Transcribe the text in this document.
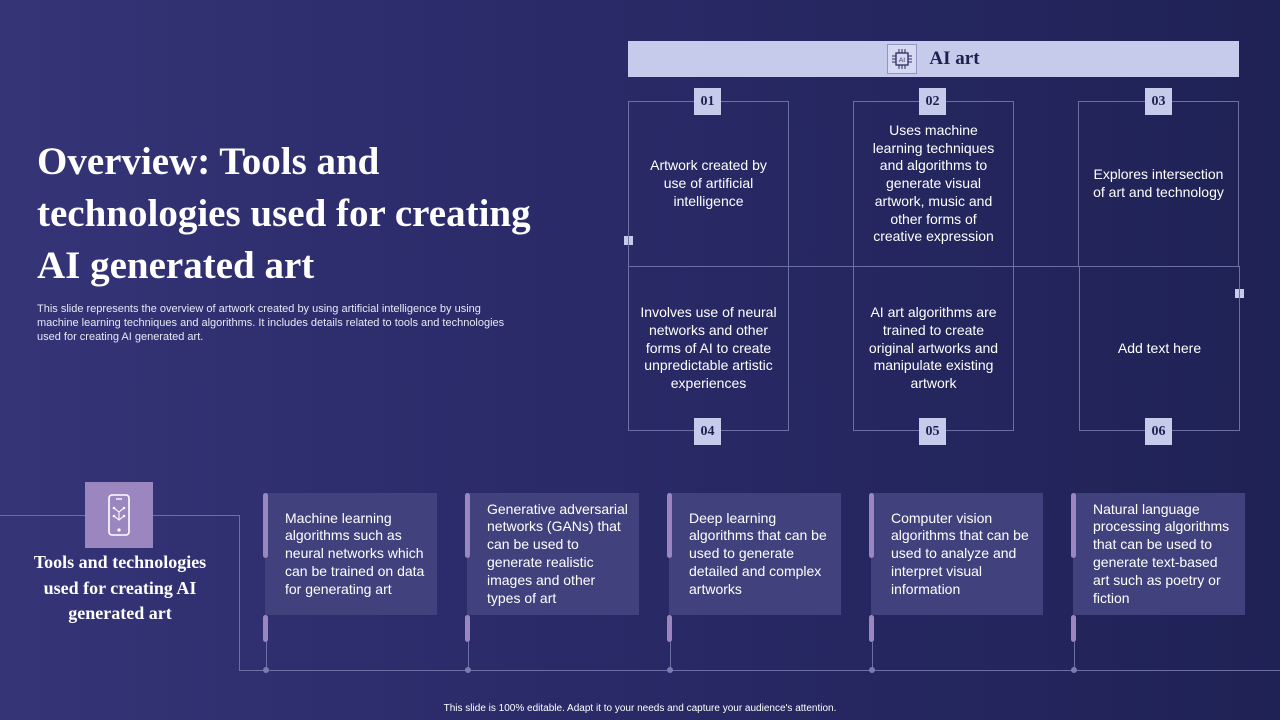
Overview: Tools and technologies used for creating AI generated art
This slide represents the overview of artwork created by using artificial intelligence by using machine learning techniques and algorithms. It includes details related to tools and technologies used for creating AI generated art.
AI AI art
Artwork created by use of artificial intelligence
Uses machine learning techniques and algorithms to generate visual artwork, music and other forms of creative expression
Explores intersection of art and technology
Involves use of neural networks and other forms of AI to create unpredictable artistic experiences
AI art algorithms are trained to create original artworks and manipulate existing artwork
Add text here
01	02	03
04	05	06
Tools and technologies used for creating AI generated art
Machine learning algorithms such as neural networks which can be trained on data for generating art
Generative adversarial networks (GANs) that can be used to generate realistic images and other types of art
Deep learning algorithms that can be used to generate detailed and complex artworks
Computer vision algorithms that can be used to analyze and interpret visual information
Natural language processing algorithms that can be used to generate text-based art such as poetry or fiction
This slide is 100% editable. Adapt it to your needs and capture your audience's attention.
